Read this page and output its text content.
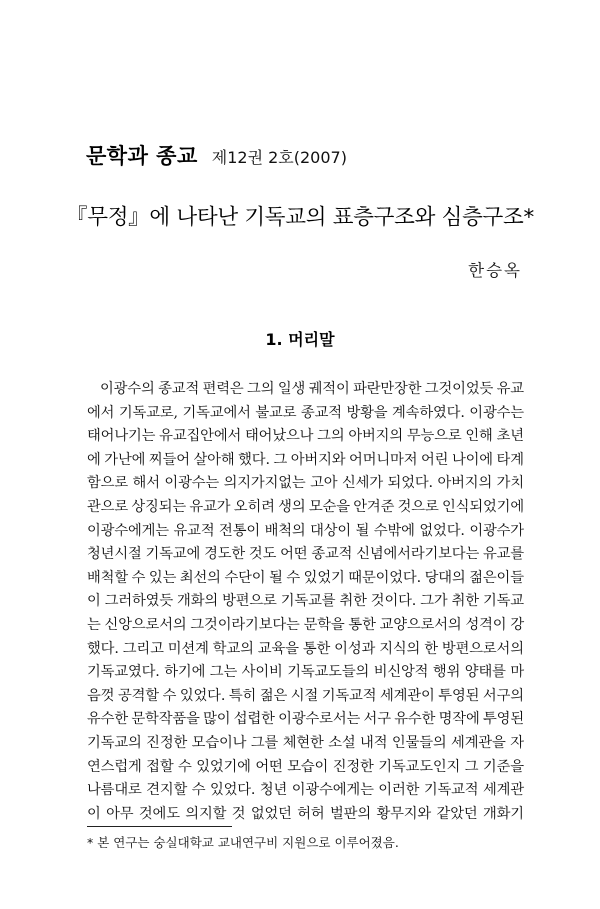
문학과 종교 제12권 2호(2007)
『무정』에 나타난 기독교의 표층구조와 심층구조*
한승옥
1. 머리말
이광수의 종교적 편력은 그의 일생 궤적이 파란만장한 그것이었듯 유교
에서 기독교로, 기독교에서 불교로 종교적 방황을 계속하였다. 이광수는
태어나기는 유교집안에서 태어났으나 그의 아버지의 무능으로 인해 초년
에 가난에 찌들어 살아해 했다. 그 아버지와 어머니마저 어린 나이에 타계
함으로 해서 이광수는 의지가지없는 고아 신세가 되었다. 아버지의 가치
관으로 상징되는 유교가 오히려 생의 모순을 안겨준 것으로 인식되었기에
이광수에게는 유교적 전통이 배척의 대상이 될 수밖에 없었다. 이광수가
청년시절 기독교에 경도한 것도 어떤 종교적 신념에서라기보다는 유교를
배척할 수 있는 최선의 수단이 될 수 있었기 때문이었다. 당대의 젊은이들
이 그러하였듯 개화의 방편으로 기독교를 취한 것이다. 그가 취한 기독교
는 신앙으로서의 그것이라기보다는 문학을 통한 교양으로서의 성격이 강
했다. 그리고 미션계 학교의 교육을 통한 이성과 지식의 한 방편으로서의
기독교였다. 하기에 그는 사이비 기독교도들의 비신앙적 행위 양태를 마
음껏 공격할 수 있었다. 특히 젊은 시절 기독교적 세계관이 투영된 서구의
유수한 문학작품을 많이 섭렵한 이광수로서는 서구 유수한 명작에 투영된
기독교의 진정한 모습이나 그를 체현한 소설 내적 인물들의 세계관을 자
연스럽게 접할 수 있었기에 어떤 모습이 진정한 기독교도인지 그 기준을
나름대로 견지할 수 있었다. 청년 이광수에게는 이러한 기독교적 세계관
이 아무 것에도 의지할 것 없었던 허허 벌판의 황무지와 같았던 개화기
* 본 연구는 숭실대학교 교내연구비 지원으로 이루어졌음.
